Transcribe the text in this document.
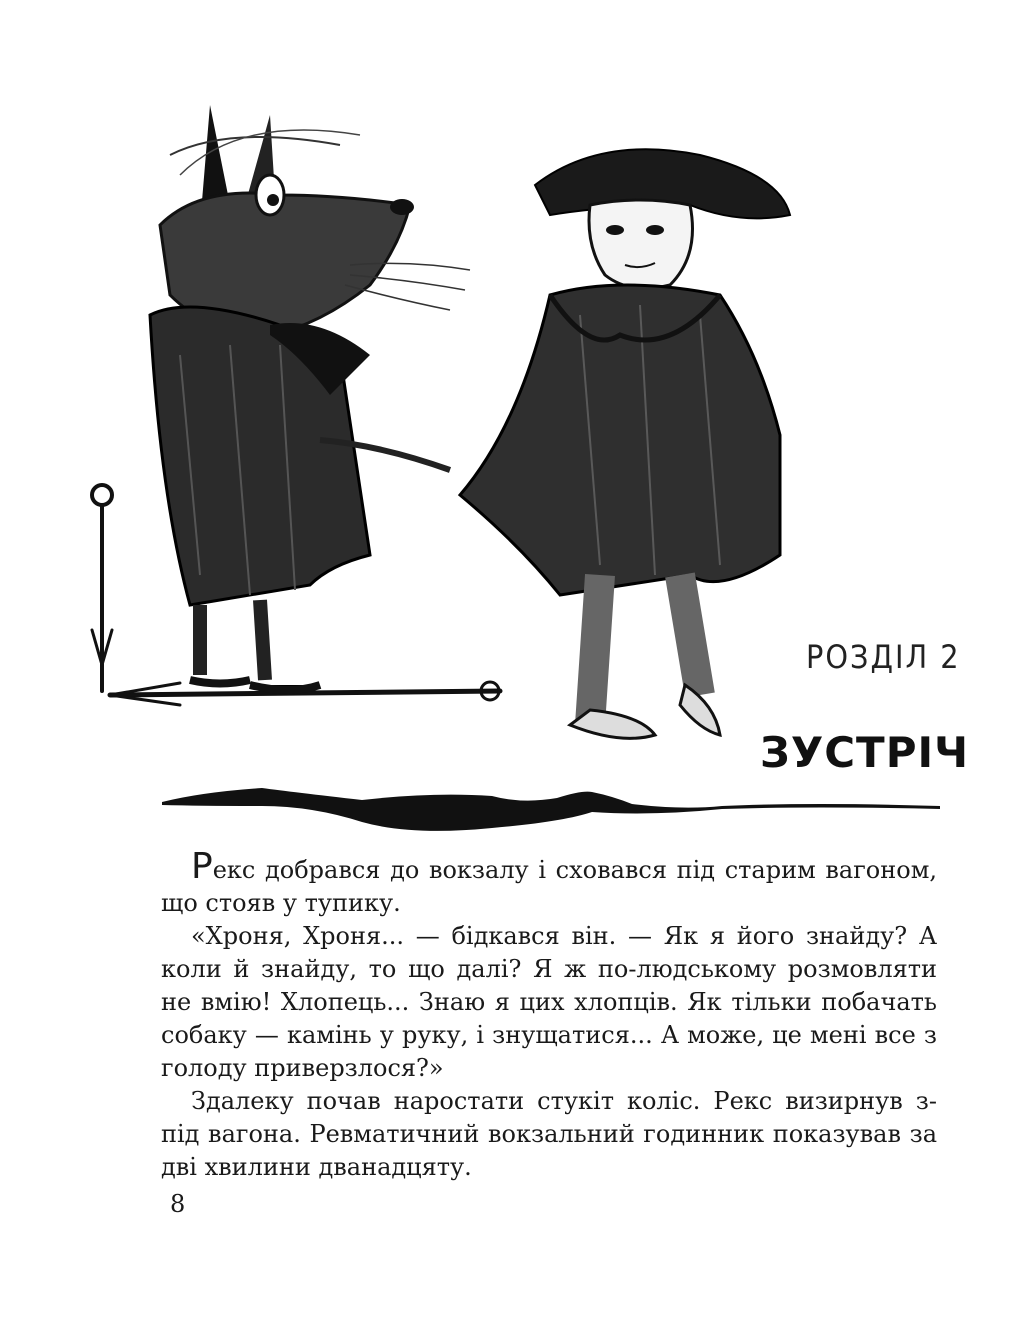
РОЗДІЛ 2
ЗУСТРІЧ

Рекс добрався до вокзалу і сховався під старим вагоном, що стояв у тупику.

«Хроня, Хроня... — бідкався він. — Як я його знайду? А коли й знайду, то що далі? Я ж по-людському розмовляти не вмію! Хлопець... Знаю я цих хлопців. Як тільки побачать собаку — камінь у руку, і знущатися... А може, це мені все з голоду приверзлося?»

Здалеку почав наростати стукіт коліс. Рекс визирнув з-під вагона. Ревматичний вокзальний годинник показував за дві хвилини дванадцяту.

8
